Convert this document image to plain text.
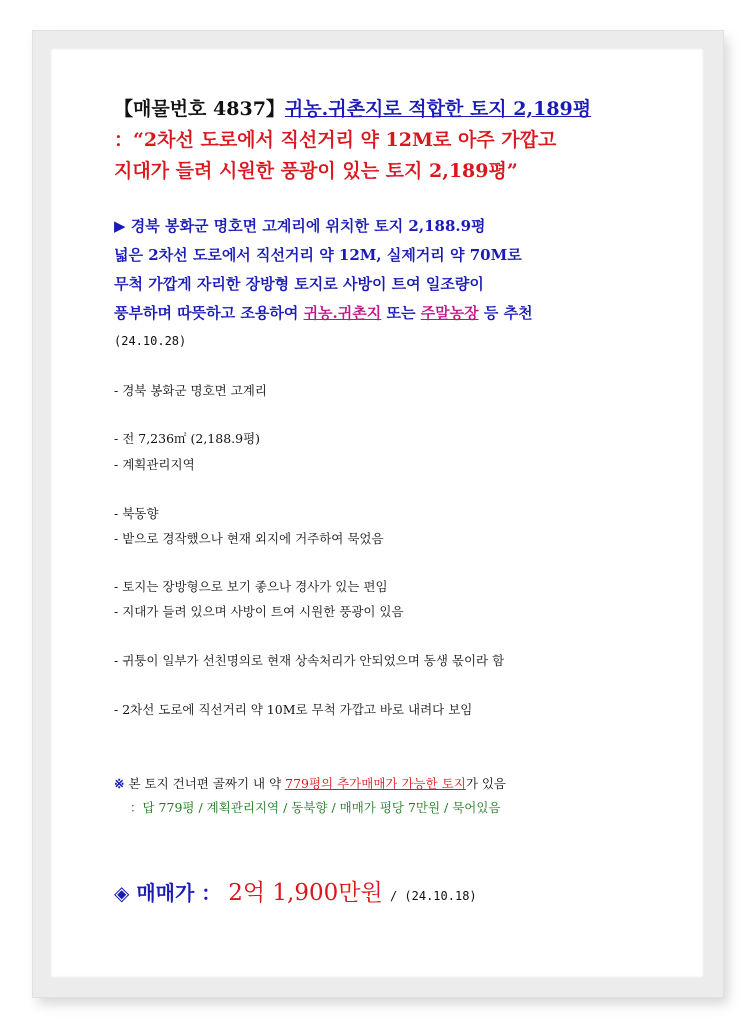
【매물번호 4837】귀농.귀촌지로 적합한 토지 2,189평
：“2차선 도로에서 직선거리 약 12M로 아주 가깝고
지대가 들려 시원한 풍광이 있는 토지 2,189평”
▶ 경북 봉화군 명호면 고계리에 위치한 토지 2,188.9평
넓은 2차선 도로에서 직선거리 약 12M, 실제거리 약 70M로
무척 가깝게 자리한 장방형 토지로 사방이 트여 일조량이
풍부하며 따뜻하고 조용하여 귀농.귀촌지 또는 주말농장 등 추천
(24.10.28)
- 경북 봉화군 명호면 고계리
- 전 7,236㎡ (2,188.9평)
- 계획관리지역
- 북동향
- 밭으로 경작했으나 현재 외지에 거주하여 묵었음
- 토지는 장방형으로 보기 좋으나 경사가 있는 편임
- 지대가 들려 있으며 사방이 트여 시원한 풍광이 있음
- 귀퉁이 일부가 선친명의로 현재 상속처리가 안되었으며 동생 몫이라 함
- 2차선 도로에 직선거리 약 10M로 무척 가깝고 바로 내려다 보임
※ 본 토지 건너편 골짜기 내 약 779평의 추가매매가 가능한 토지가 있음
：답 779평 / 계획관리지역 / 동북향 / 매매가 평당 7만원 / 묵어있음
◈ 매매가 ： 2억 1,900만원 / (24.10.18)
